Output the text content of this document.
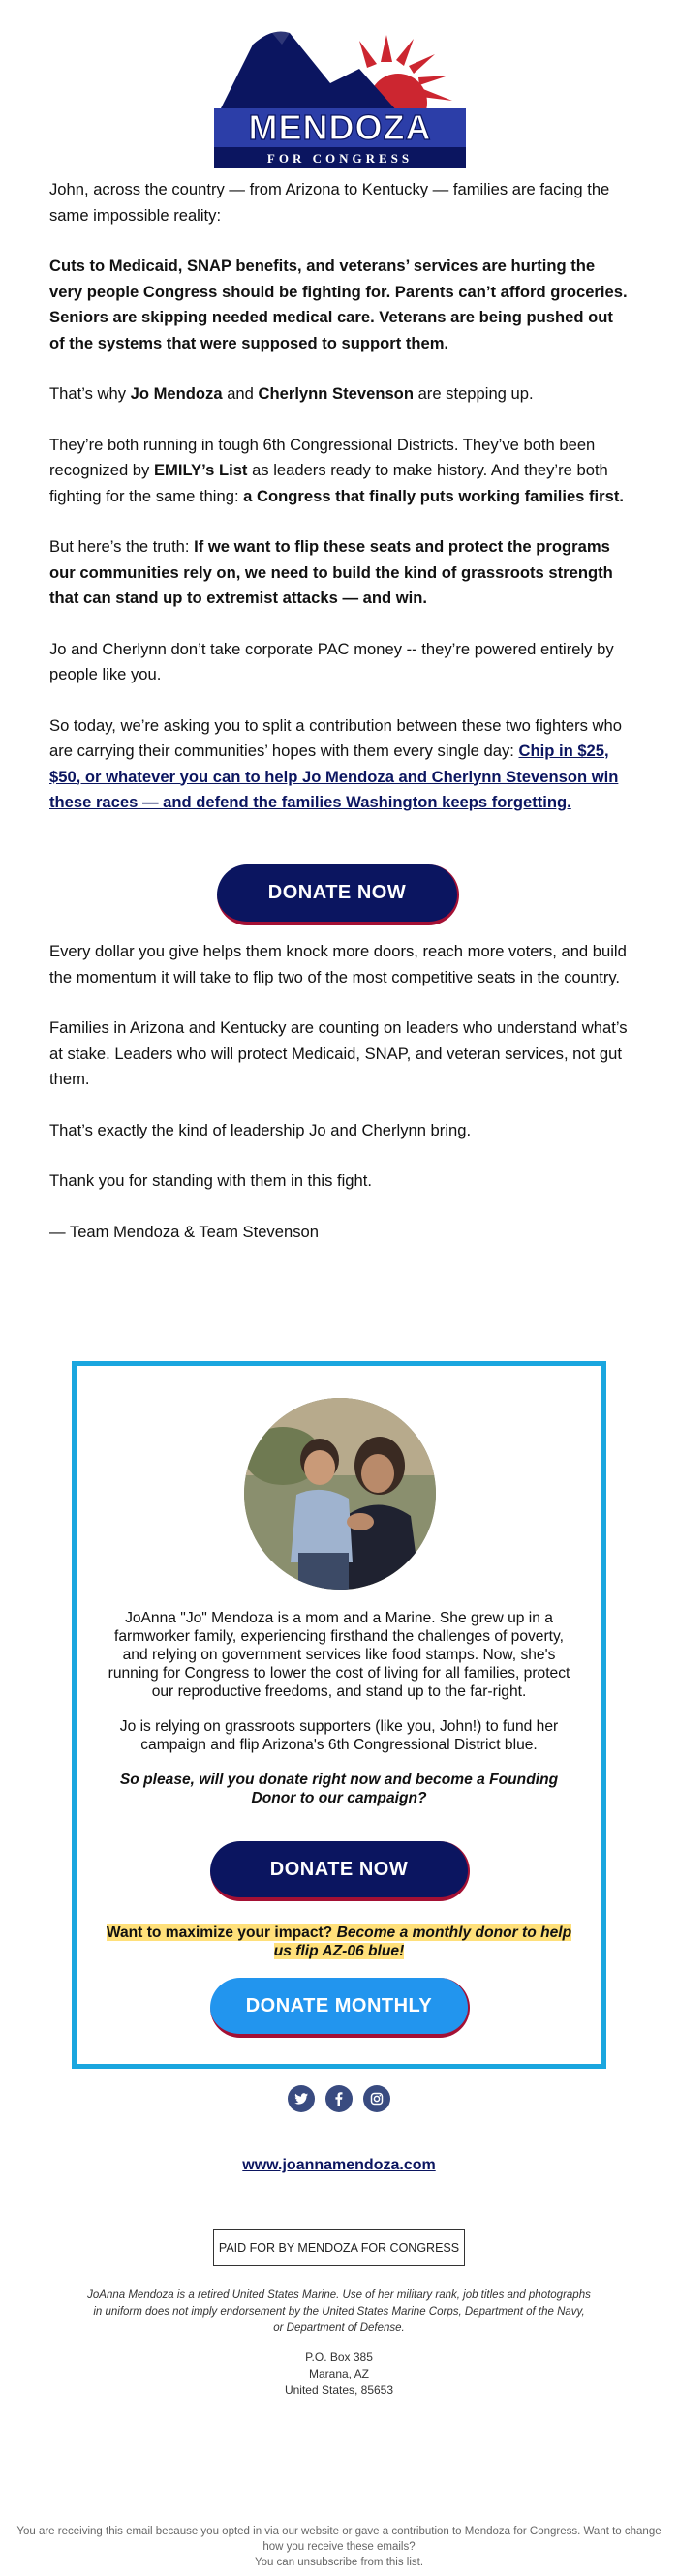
MENDOZA
FOR CONGRESS

John, across the country — from Arizona to Kentucky — families are facing the same impossible reality:

Cuts to Medicaid, SNAP benefits, and veterans’ services are hurting the very people Congress should be fighting for. Parents can’t afford groceries. Seniors are skipping needed medical care. Veterans are being pushed out of the systems that were supposed to support them.

That’s why Jo Mendoza and Cherlynn Stevenson are stepping up.

They’re both running in tough 6th Congressional Districts. They’ve both been recognized by EMILY’s List as leaders ready to make history. And they’re both fighting for the same thing: a Congress that finally puts working families first.

But here’s the truth: If we want to flip these seats and protect the programs our communities rely on, we need to build the kind of grassroots strength that can stand up to extremist attacks — and win.

Jo and Cherlynn don’t take corporate PAC money -- they’re powered entirely by people like you.

So today, we’re asking you to split a contribution between these two fighters who are carrying their communities’ hopes with them every single day: Chip in $25, $50, or whatever you can to help Jo Mendoza and Cherlynn Stevenson win these races — and defend the families Washington keeps forgetting.

DONATE NOW

Every dollar you give helps them knock more doors, reach more voters, and build the momentum it will take to flip two of the most competitive seats in the country.

Families in Arizona and Kentucky are counting on leaders who understand what’s at stake. Leaders who will protect Medicaid, SNAP, and veteran services, not gut them.

That’s exactly the kind of leadership Jo and Cherlynn bring.

Thank you for standing with them in this fight.

— Team Mendoza & Team Stevenson

JoAnna "Jo" Mendoza is a mom and a Marine. She grew up in a farmworker family, experiencing firsthand the challenges of poverty, and relying on government services like food stamps. Now, she's running for Congress to lower the cost of living for all families, protect our reproductive freedoms, and stand up to the far-right.

Jo is relying on grassroots supporters (like you, John!) to fund her campaign and flip Arizona's 6th Congressional District blue.

So please, will you donate right now and become a Founding Donor to our campaign?

DONATE NOW
Want to maximize your impact? Become a monthly donor to help us flip AZ-06 blue!
DONATE MONTHLY
www.joannamendoza.com
PAID FOR BY MENDOZA FOR CONGRESS
JoAnna Mendoza is a retired United States Marine. Use of her military rank, job titles and photographs in uniform does not imply endorsement by the United States Marine Corps, Department of the Navy, or Department of Defense.
P.O. Box 385
Marana, AZ
United States, 85653
You are receiving this email because you opted in via our website or gave a contribution to Mendoza for Congress. Want to change how you receive these emails?
You can unsubscribe from this list.
